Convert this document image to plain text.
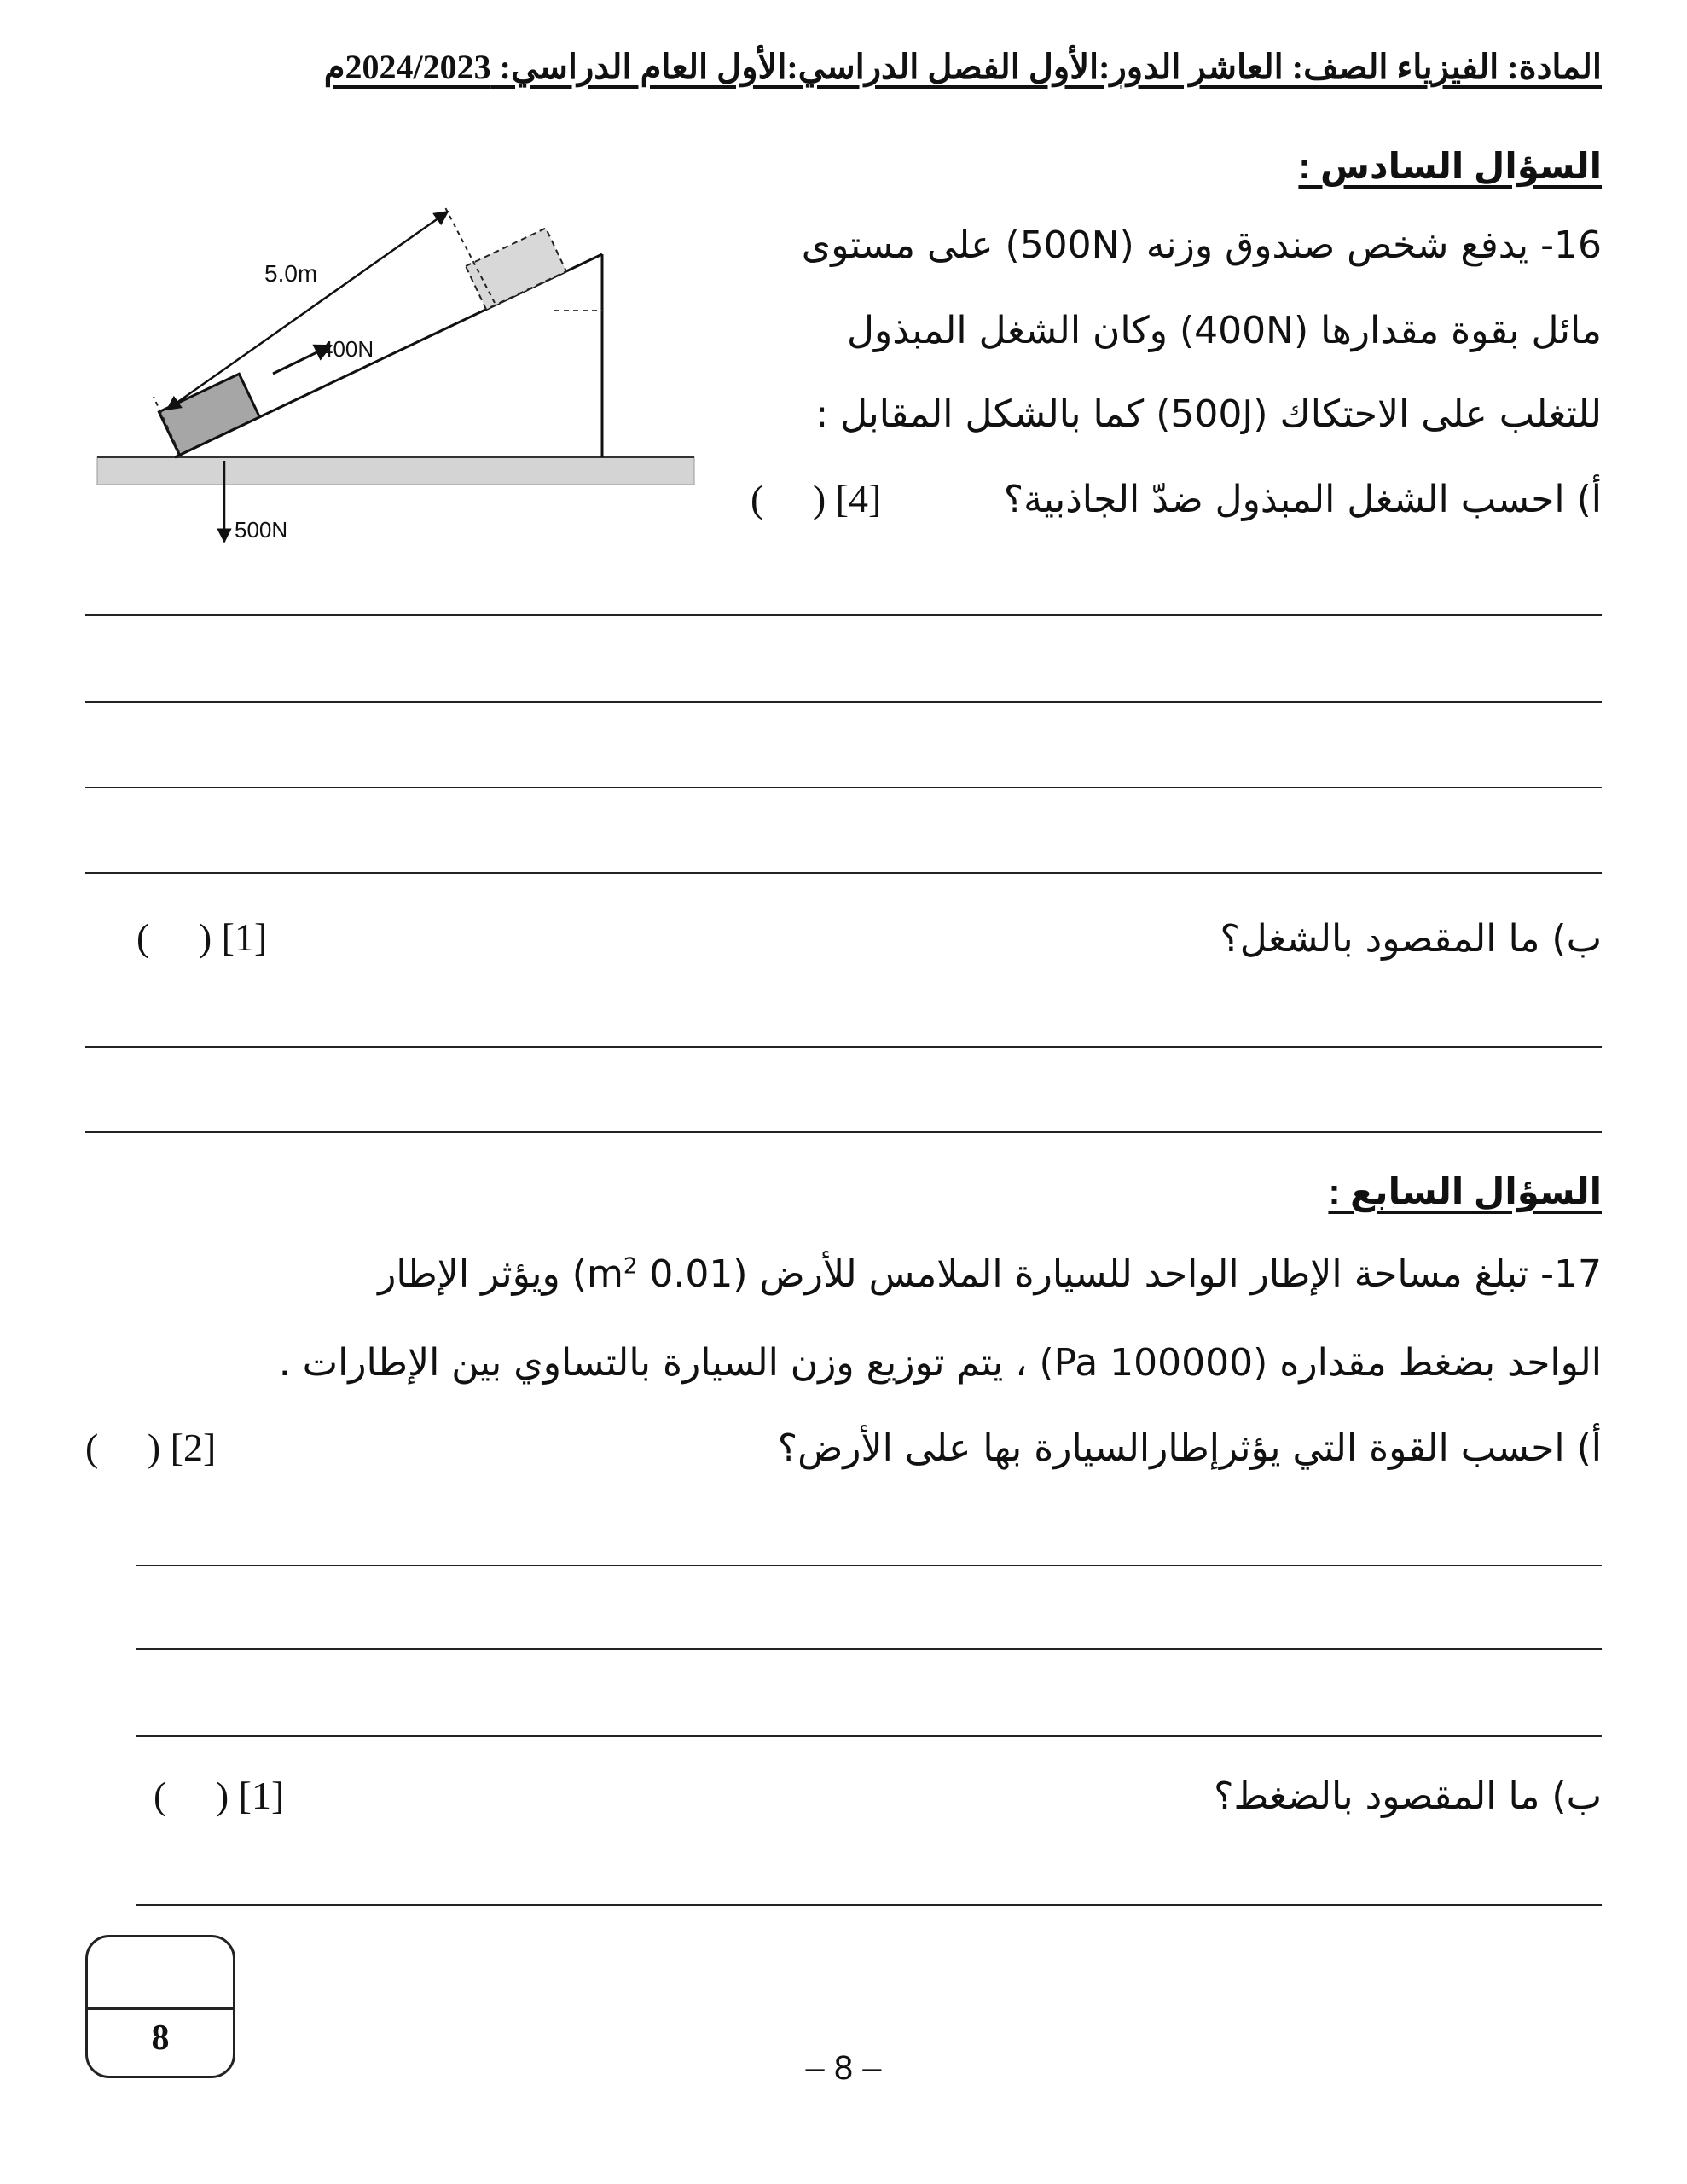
المادة: الفيزياء الصف: العاشر الدور:الأول الفصل الدراسي:الأول العام الدراسي: 2024/2023م
السؤال السادس :
16- يدفع شخص صندوق وزنه (500N) على مستوى
مائل بقوة مقدارها (400N) وكان الشغل المبذول
للتغلب على الاحتكاك (500J) كما بالشكل المقابل :
أ) احسب الشغل المبذول ضدّ الجاذبية؟
(     ) [4]
5.0m
400N
500N
ب) ما المقصود بالشغل؟
(     ) [1]
السؤال السابع :
17- تبلغ مساحة الإطار الواحد للسيارة الملامس للأرض (0.01 $m^2$) ويؤثر الإطار
الواحد بضغط مقداره (100000 Pa) ، يتم توزيع وزن السيارة بالتساوي بين الإطارات .
أ) احسب القوة التي يؤثرإطارالسيارة بها على الأرض؟
(     ) [2]
ب) ما المقصود بالضغط؟
(     ) [1]
8
– 8 –
